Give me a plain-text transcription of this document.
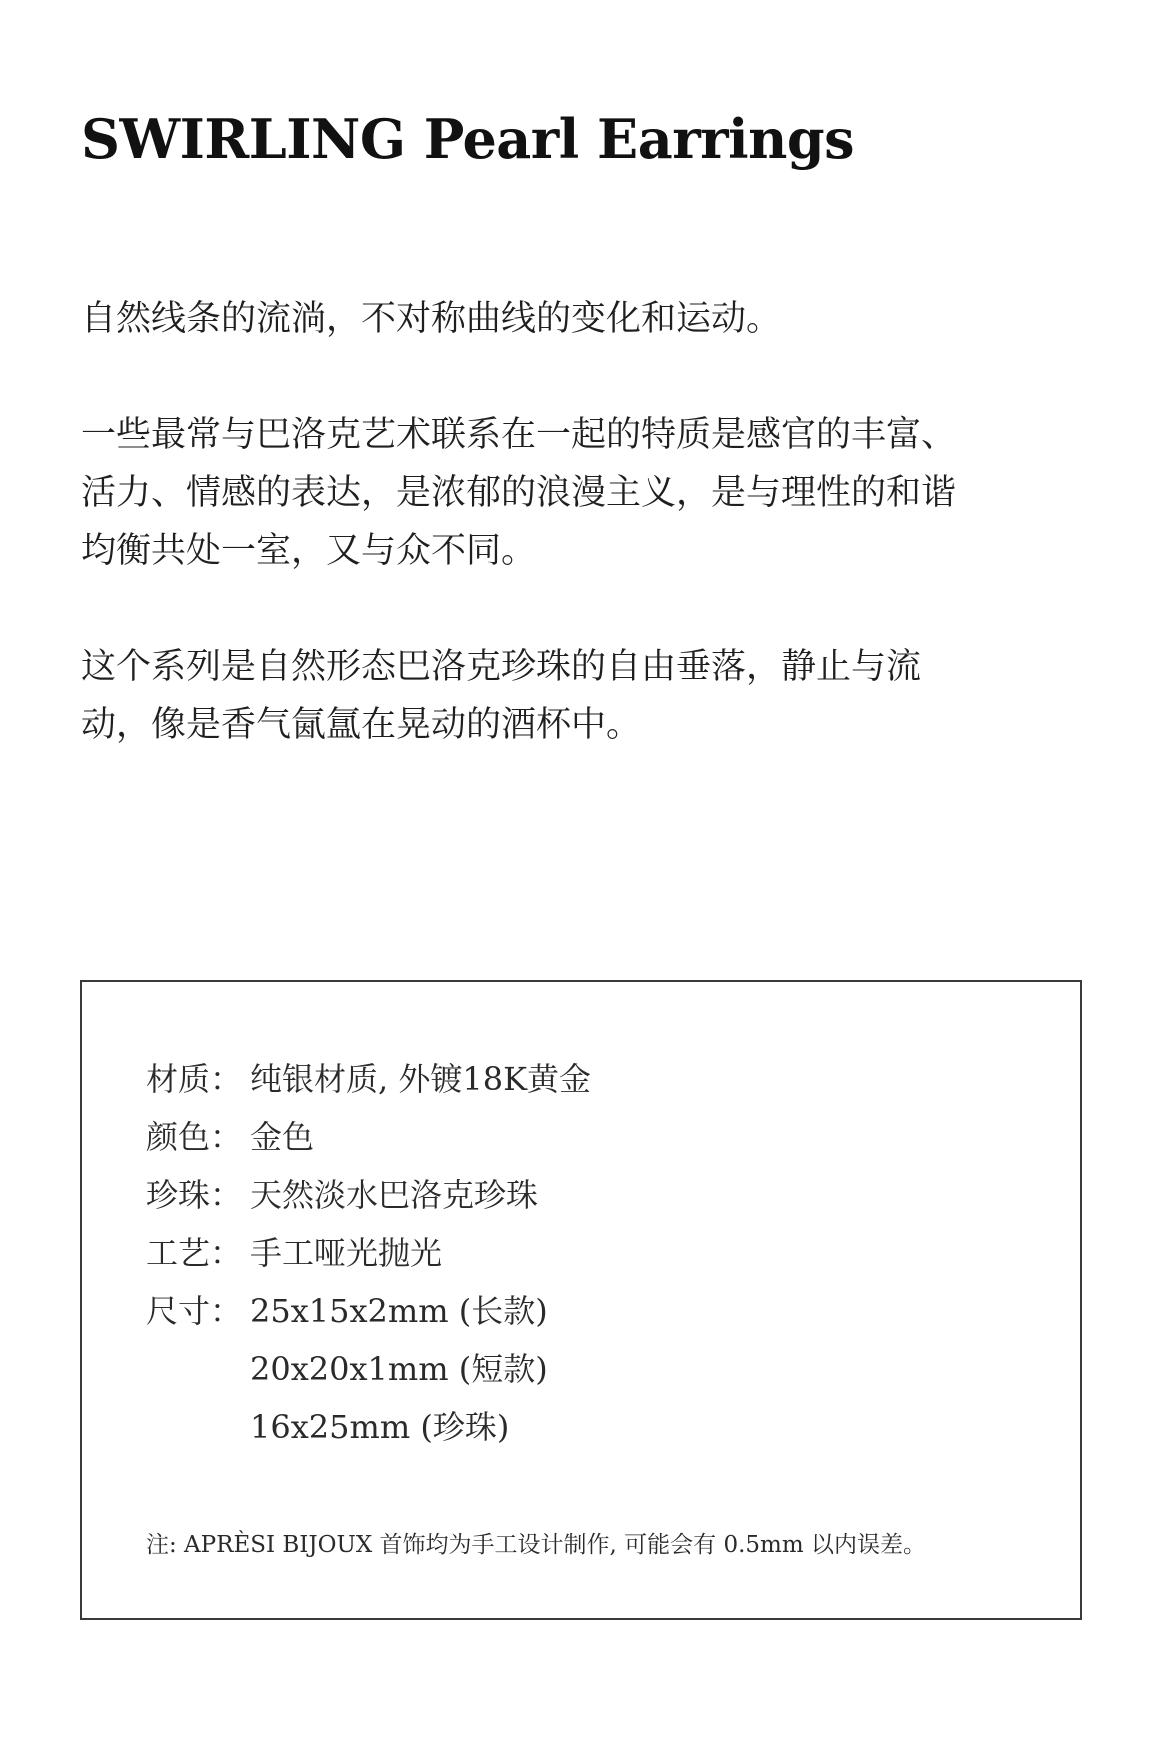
SWIRLING Pearl Earrings

自然线条的流淌，不对称曲线的变化和运动。

一些最常与巴洛克艺术联系在一起的特质是感官的丰富、
活力、情感的表达，是浓郁的浪漫主义，是与理性的和谐
均衡共处一室，又与众不同。

这个系列是自然形态巴洛克珍珠的自由垂落，静止与流
动，像是香气氤氲在晃动的酒杯中。

材质： 纯银材质, 外镀18K黄金
颜色： 金色
珍珠： 天然淡水巴洛克珍珠
工艺： 手工哑光抛光
尺寸： 25x15x2mm (长款)
20x20x1mm (短款)
16x25mm (珍珠)
注: APRÈSI BIJOUX 首饰均为手工设计制作, 可能会有 0.5mm 以内误差。
